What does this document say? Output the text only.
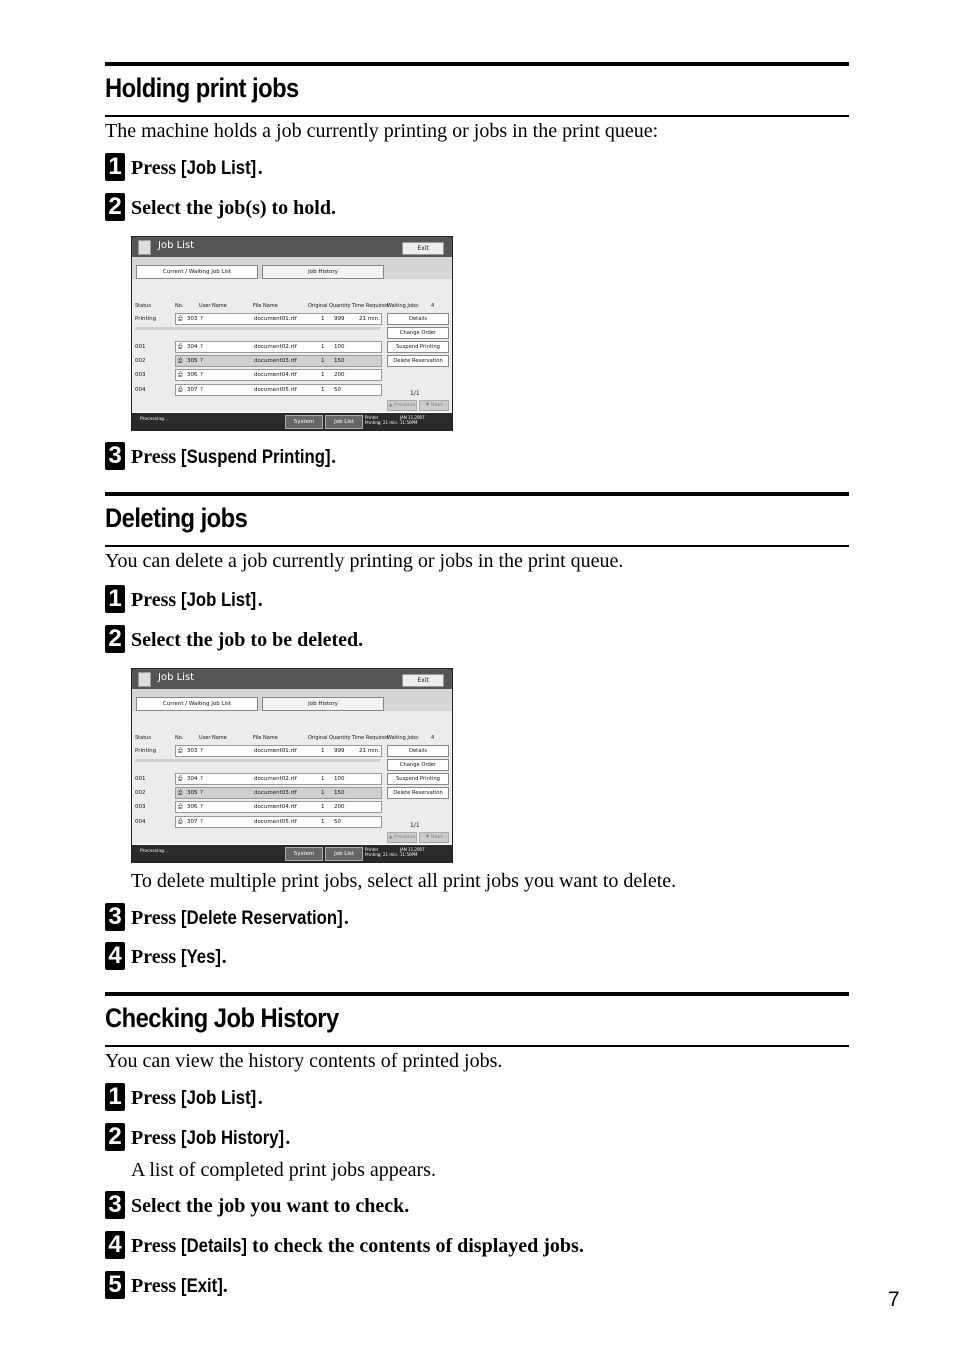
Holding print jobs
The machine holds a job currently printing or jobs in the print queue:
1 Press [Job List].
2 Select the job(s) to hold.
Job List	Exit
Current / Waiting Job List	Job History
Status	No.	User Name	File Name	Original Quantity Time Required
Waiting Jobs: 4
Printing	⎙ 303 ?	document01.rtf	1 999	21 min.
001	⎙ 304 ?	document02.rtf	1 100
002	⎙ 305 ?	document03.rtf	1 150
003	⎙ 306 ?	document04.rtf	1 200
004	⎙ 307 ?	document05.rtf	1 50
Details
Change Order
Suspend Printing
Delete Reservation
1/1
▲ Previous	▼ Next
Processing...	System Status
Job List
Printer
Printing: 21 min.
JAN 11,2007
11:50PM
3 Press [Suspend Printing].
Deleting jobs
You can delete a job currently printing or jobs in the print queue.
1 Press [Job List].
2 Select the job to be deleted.
Job List	Exit
Current / Waiting Job List	Job History
Status	No.	User Name	File Name	Original Quantity Time Required
Waiting Jobs: 4
Printing	⎙ 303 ?	document01.rtf	1 999	21 min.
001	⎙ 304 ?	document02.rtf	1 100
002	⎙ 305 ?	document03.rtf	1 150
003	⎙ 306 ?	document04.rtf	1 200
004	⎙ 307 ?	document05.rtf	1 50
Details
Change Order
Suspend Printing
Delete Reservation
1/1
▲ Previous	▼ Next
Processing...	System Status
Job List
Printer
Printing: 21 min.
JAN 11,2007
11:50PM
To delete multiple print jobs, select all print jobs you want to delete.
3 Press [Delete Reservation].
4 Press [Yes].
Checking Job History
You can view the history contents of printed jobs.
1 Press [Job List].
2 Press [Job History].
A list of completed print jobs appears.
3 Select the job you want to check.
4 Press [Details] to check the contents of displayed jobs.
5 Press [Exit].
7
